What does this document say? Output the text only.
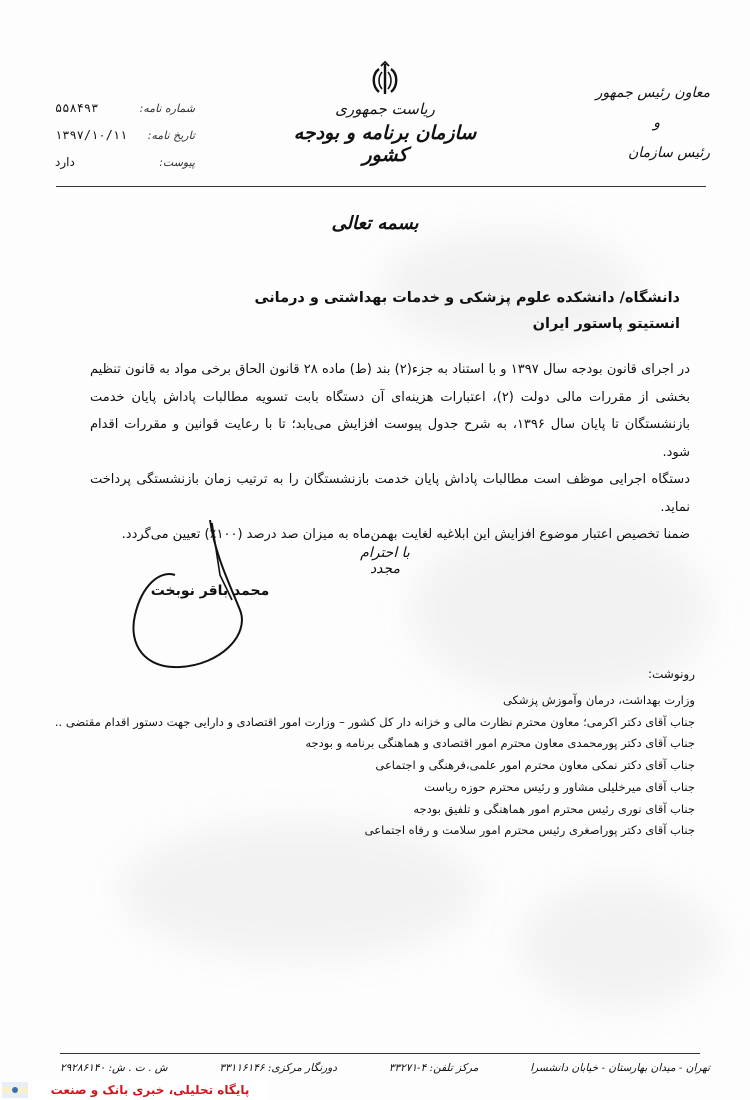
معاون رئیس جمهور
و
رئیس سازمان
ریاست جمهوری
سازمان برنامه و بودجه کشور
شماره نامه:
۵۵۸۴۹۳
تاریخ نامه:
۱۳۹۷/۱۰/۱۱
پیوست:
دارد
بسمه تعالی
دانشگاه/ دانشکده علوم پزشکی و خدمات بهداشتی و درمانی
انستیتو پاستور ایران

در اجرای قانون بودجه سال ۱۳۹۷ و با استناد به جزء(۲) بند (ط) ماده ۲۸ قانون الحاق برخی مواد به قانون تنظیم بخشی از مقررات مالی دولت (۲)، اعتبارات هزینه‌ای آن دستگاه بابت تسویه مطالبات پاداش پایان خدمت بازنشستگان تا پایان سال ۱۳۹۶، به شرح جدول پیوست افزایش می‌یابد؛ تا با رعایت قوانین و مقررات اقدام شود.

دستگاه اجرایی موظف است مطالبات پاداش پایان خدمت بازنشستگان را به ترتیب زمان بازنشستگی پرداخت نماید.

ضمنا تخصیص اعتبار موضوع افزایش این ابلاغیه لغایت بهمن‌ماه به میزان صد درصد (۱۰۰٪) تعیین می‌گردد.

با احترام مجدد
محمد باقر نوبخت
رونوشت:
وزارت بهداشت، درمان و‌آموزش پزشکی
جناب آقای دکتر اکرمی؛ معاون محترم نظارت مالی و خزانه دار کل کشور – وزارت امور اقتصادی و دارایی جهت دستور اقدام مقتضی ..
جناب آقای دکتر پورمحمدی معاون محترم امور اقتصادی و هماهنگی برنامه و بودجه
جناب آقای دکتر نمکی معاون محترم امور علمی،فرهنگی و اجتماعی
جناب آقای میرخلیلی مشاور و رئیس محترم حوزه ریاست
جناب آقای نوری رئیس محترم امور هماهنگی و تلفیق بودجه
جناب آقای دکتر پوراصغری رئیس محترم امور سلامت و رفاه اجتماعی
تهران - میدان بهارستان - خیابان دانشسرا
مرکز تلفن: ۴-۳۳۲۷۱
دورنگار مرکزی: ۳۳۱۱۶۱۴۶
ش . ت . ش: ۲۹۲۸۶۱۴۰
پایگاه تحلیلی، خبری بانک و صنعت
